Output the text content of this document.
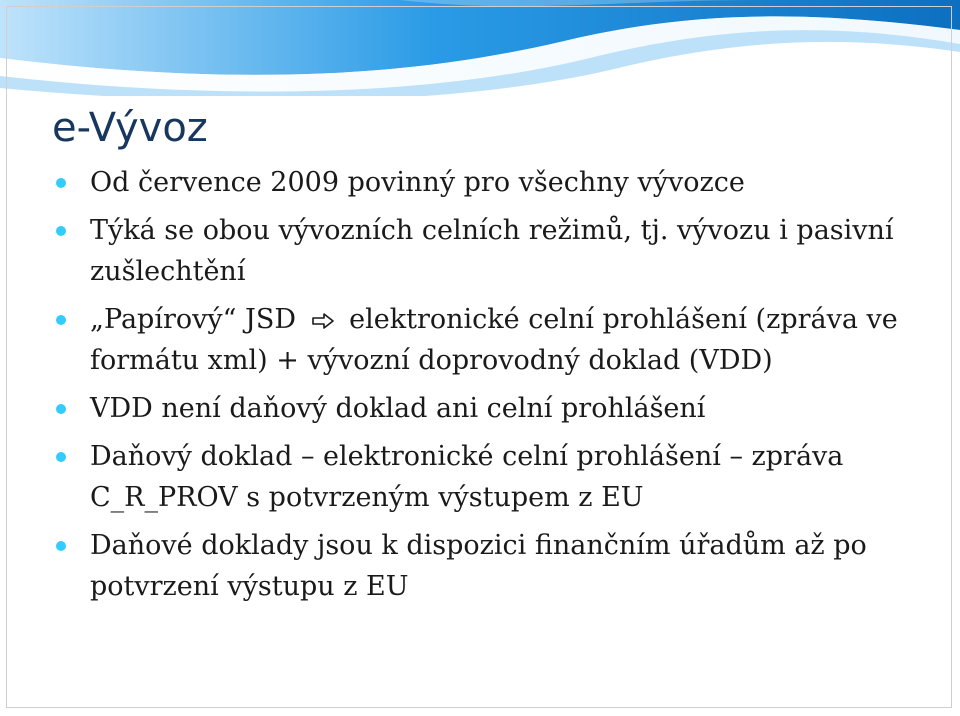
e-Vývoz
Od července 2009 povinný pro všechny vývozce
Týká se obou vývozních celních režimů, tj. vývozu i pasivní zušlechtění
„Papírový“ JSD elektronické celní prohlášení (zpráva ve formátu xml) + vývozní doprovodný doklad (VDD)
VDD není daňový doklad ani celní prohlášení
Daňový doklad – elektronické celní prohlášení – zpráva C_R_PROV s potvrzeným výstupem z EU
Daňové doklady jsou k dispozici finančním úřadům až po potvrzení výstupu z EU
